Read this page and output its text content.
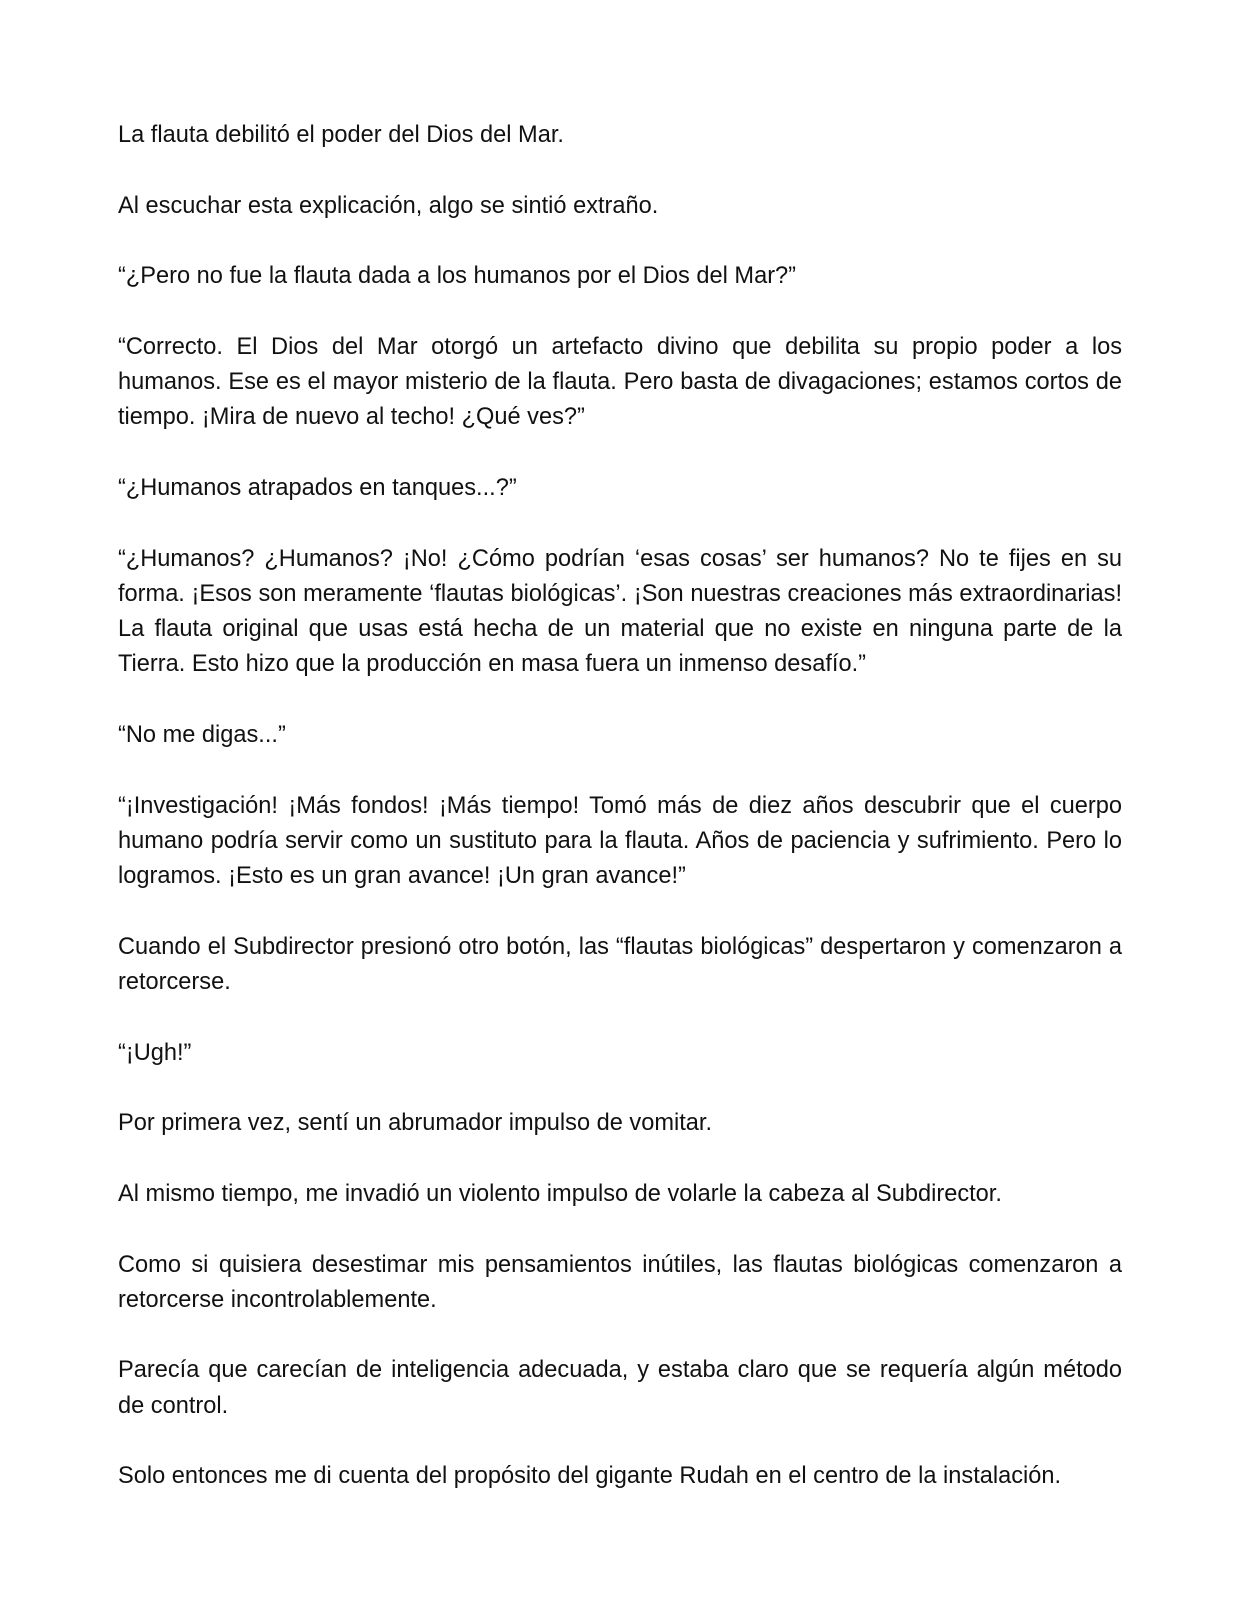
La flauta debilitó el poder del Dios del Mar.

Al escuchar esta explicación, algo se sintió extraño.

“¿Pero no fue la flauta dada a los humanos por el Dios del Mar?”

“Correcto. El Dios del Mar otorgó un artefacto divino que debilita su propio poder a los humanos. Ese es el mayor misterio de la flauta. Pero basta de divagaciones; estamos cortos de tiempo. ¡Mira de nuevo al techo! ¿Qué ves?”

“¿Humanos atrapados en tanques...?”

“¿Humanos? ¿Humanos? ¡No! ¿Cómo podrían ‘esas cosas’ ser humanos? No te fijes en su forma. ¡Esos son meramente ‘flautas biológicas’. ¡Son nuestras creaciones más extraordinarias! La flauta original que usas está hecha de un material que no existe en ninguna parte de la Tierra. Esto hizo que la producción en masa fuera un inmenso desafío.”

“No me digas...”

“¡Investigación! ¡Más fondos! ¡Más tiempo! Tomó más de diez años descubrir que el cuerpo humano podría servir como un sustituto para la flauta. Años de paciencia y sufrimiento. Pero lo logramos. ¡Esto es un gran avance! ¡Un gran avance!”

Cuando el Subdirector presionó otro botón, las “flautas biológicas” despertaron y comenzaron a retorcerse.

“¡Ugh!”

Por primera vez, sentí un abrumador impulso de vomitar.

Al mismo tiempo, me invadió un violento impulso de volarle la cabeza al Subdirector.

Como si quisiera desestimar mis pensamientos inútiles, las flautas biológicas comenzaron a retorcerse incontrolablemente.

Parecía que carecían de inteligencia adecuada, y estaba claro que se requería algún método de control.

Solo entonces me di cuenta del propósito del gigante Rudah en el centro de la instalación.
